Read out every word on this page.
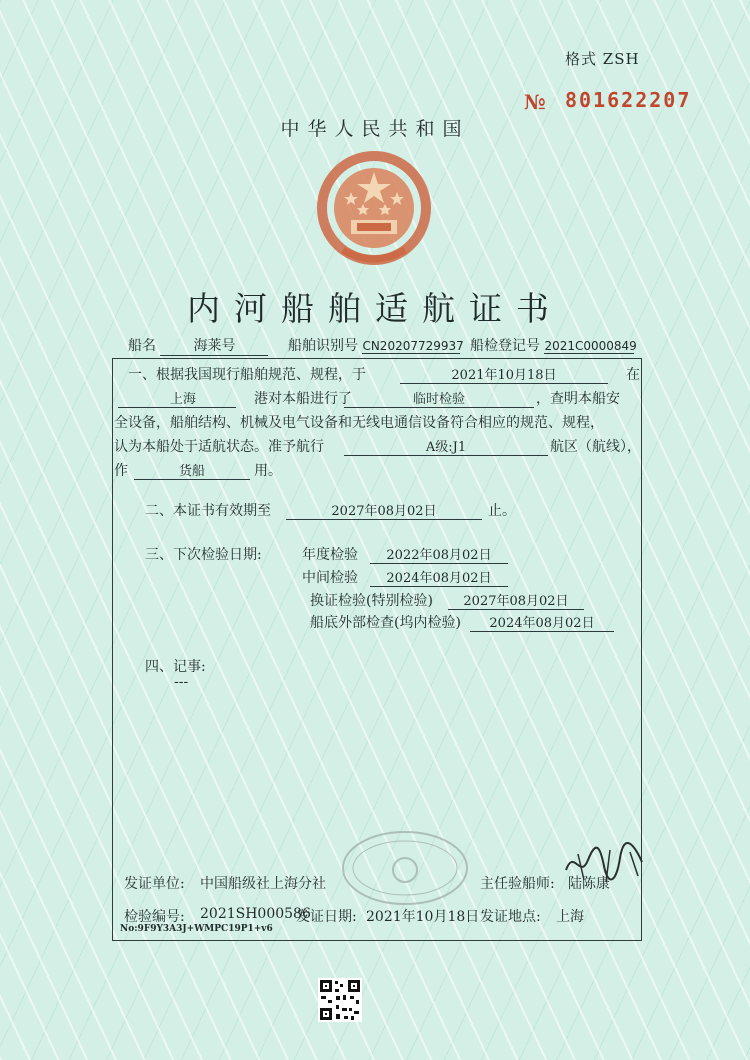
格式 ZSH
№ 801622207
中华人民共和国
内河船舶适航证书
船名	海莱号	船舶识别号 CN20207729937 船检登记号 2021C0000849
一、根据我国现行船舶规范、规程，于	2021年10月18日	在
上海	港对本船进行了	临时检验	，查明本船安
全设备，船舶结构、机械及电气设备和无线电通信设备符合相应的规范、规程，
认为本船处于适航状态。准予航行	A级:J1	航区（航线），
作	货船	用。
二、本证书有效期至	2027年08月02日	止。
三、下次检验日期:	年度检验	2022年08月02日
中间检验	2024年08月02日
换证检验(特别检验)	2027年08月02日
船底外部检查(坞内检验)	2024年08月02日
四、记事:
---
发证单位: 中国船级社上海分社	主任验船师: 陆陈康
检验编号: 2021SH000586
发证日期: 2021年10月18日 发证地点: 上海
No:9F9Y3A3J+WMPC19P1+v6
